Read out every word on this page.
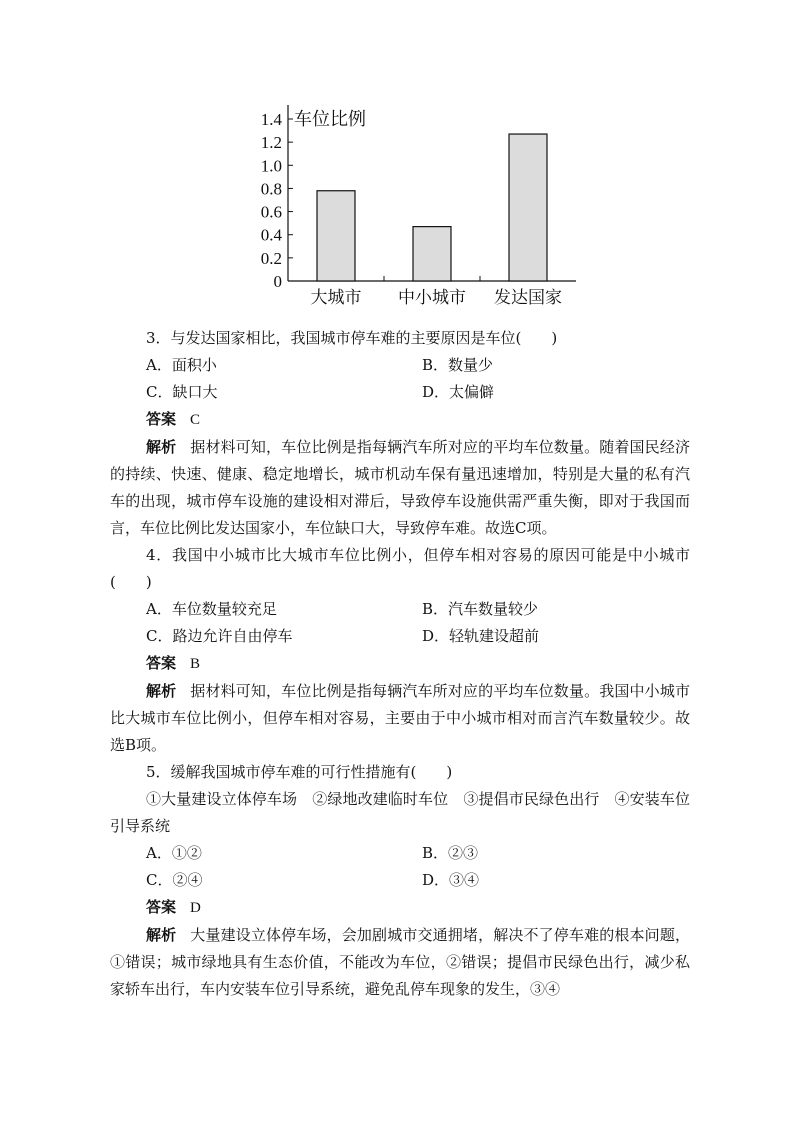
0
0.2
0.4
0.6
0.8
1.0
1.2
1.4 车位比例
大城市 中小城市 发达国家

3．与发达国家相比，我国城市停车难的主要原因是车位(　　)

A．面积小	B．数量少
C．缺口大	D．太偏僻

答案 C

解析 据材料可知，车位比例是指每辆汽车所对应的平均车位数量。随着国民经济的持续、快速、健康、稳定地增长，城市机动车保有量迅速增加，特别是大量的私有汽车的出现，城市停车设施的建设相对滞后，导致停车设施供需严重失衡，即对于我国而言，车位比例比发达国家小，车位缺口大，导致停车难。故选C项。

4．我国中小城市比大城市车位比例小，但停车相对容易的原因可能是中小城市(　　)

A．车位数量较充足	B．汽车数量较少
C．路边允许自由停车	D．轻轨建设超前

答案 B

解析 据材料可知，车位比例是指每辆汽车所对应的平均车位数量。我国中小城市比大城市车位比例小，但停车相对容易，主要由于中小城市相对而言汽车数量较少。故选B项。

5．缓解我国城市停车难的可行性措施有(　　)

①大量建设立体停车场　②绿地改建临时车位　③提倡市民绿色出行　④安装车位引导系统

A．①②	B．②③
C．②④	D．③④

答案 D

解析 大量建设立体停车场，会加剧城市交通拥堵，解决不了停车难的根本问题，①错误；城市绿地具有生态价值，不能改为车位，②错误；提倡市民绿色出行，减少私家轿车出行，车内安装车位引导系统，避免乱停车现象的发生，③④
